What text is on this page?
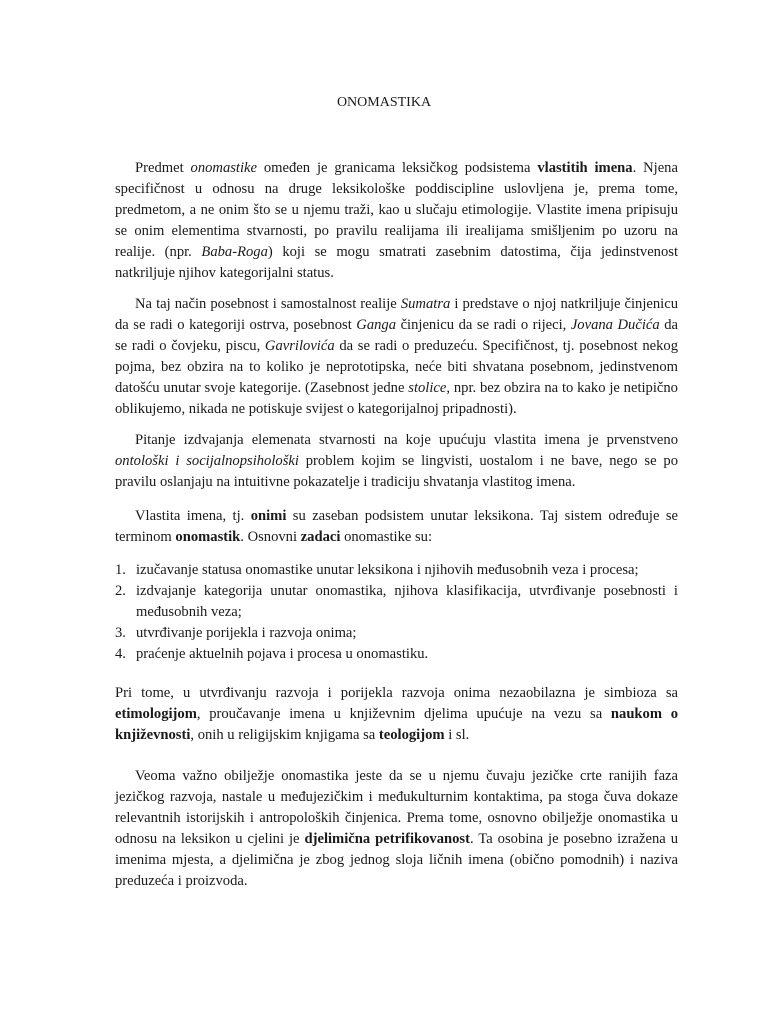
ONOMASTIKA

Predmet onomastike omeđen je granicama leksičkog podsistema vlastitih imena. Njena specifičnost u odnosu na druge leksikološke poddiscipline uslovljena je, prema tome, predmetom, a ne onim što se u njemu traži, kao u slučaju etimologije. Vlastite imena pripisuju se onim elementima stvarnosti, po pravilu realijama ili irealijama smišljenim po uzoru na realije. (npr. Baba-Roga) koji se mogu smatrati zasebnim datostima, čija jedinstvenost natkriljuje njihov kategorijalni status.

Na taj način posebnost i samostalnost realije Sumatra i predstave o njoj natkriljuje činjenicu da se radi o kategoriji ostrva, posebnost Ganga činjenicu da se radi o rijeci, Jovana Dučića da se radi o čovjeku, piscu, Gavrilovića da se radi o preduzeću. Specifičnost, tj. posebnost nekog pojma, bez obzira na to koliko je neprototipska, neće biti shvatana posebnom, jedinstvenom datošću unutar svoje kategorije. (Zasebnost jedne stolice, npr. bez obzira na to kako je netipično oblikujemo, nikada ne potiskuje svijest o kategorijalnoj pripadnosti).

Pitanje izdvajanja elemenata stvarnosti na koje upućuju vlastita imena je prvenstveno ontološki i socijalnopsihološki problem kojim se lingvisti, uostalom i ne bave, nego se po pravilu oslanjaju na intuitivne pokazatelje i tradiciju shvatanja vlastitog imena.

Vlastita imena, tj. onimi su zaseban podsistem unutar leksikona. Taj sistem određuje se terminom onomastik. Osnovni zadaci onomastike su:

1. izučavanje statusa onomastike unutar leksikona i njihovih međusobnih veza i procesa;
2. izdvajanje kategorija unutar onomastika, njihova klasifikacija, utvrđivanje posebnosti i međusobnih veza;
3. utvrđivanje porijekla i razvoja onima;
4. praćenje aktuelnih pojava i procesa u onomastiku.

Pri tome, u utvrđivanju razvoja i porijekla razvoja onima nezaobilazna je simbioza sa etimologijom, proučavanje imena u književnim djelima upućuje na vezu sa naukom o književnosti, onih u religijskim knjigama sa teologijom i sl.

Veoma važno obilježje onomastika jeste da se u njemu čuvaju jezičke crte ranijih faza jezičkog razvoja, nastale u međujezičkim i međukulturnim kontaktima, pa stoga čuva dokaze relevantnih istorijskih i antropoloških činjenica. Prema tome, osnovno obilježje onomastika u odnosu na leksikon u cjelini je djelimična petrifikovanost. Ta osobina je posebno izražena u imenima mjesta, a djelimična je zbog jednog sloja ličnih imena (obično pomodnih) i naziva preduzeća i proizvoda.
